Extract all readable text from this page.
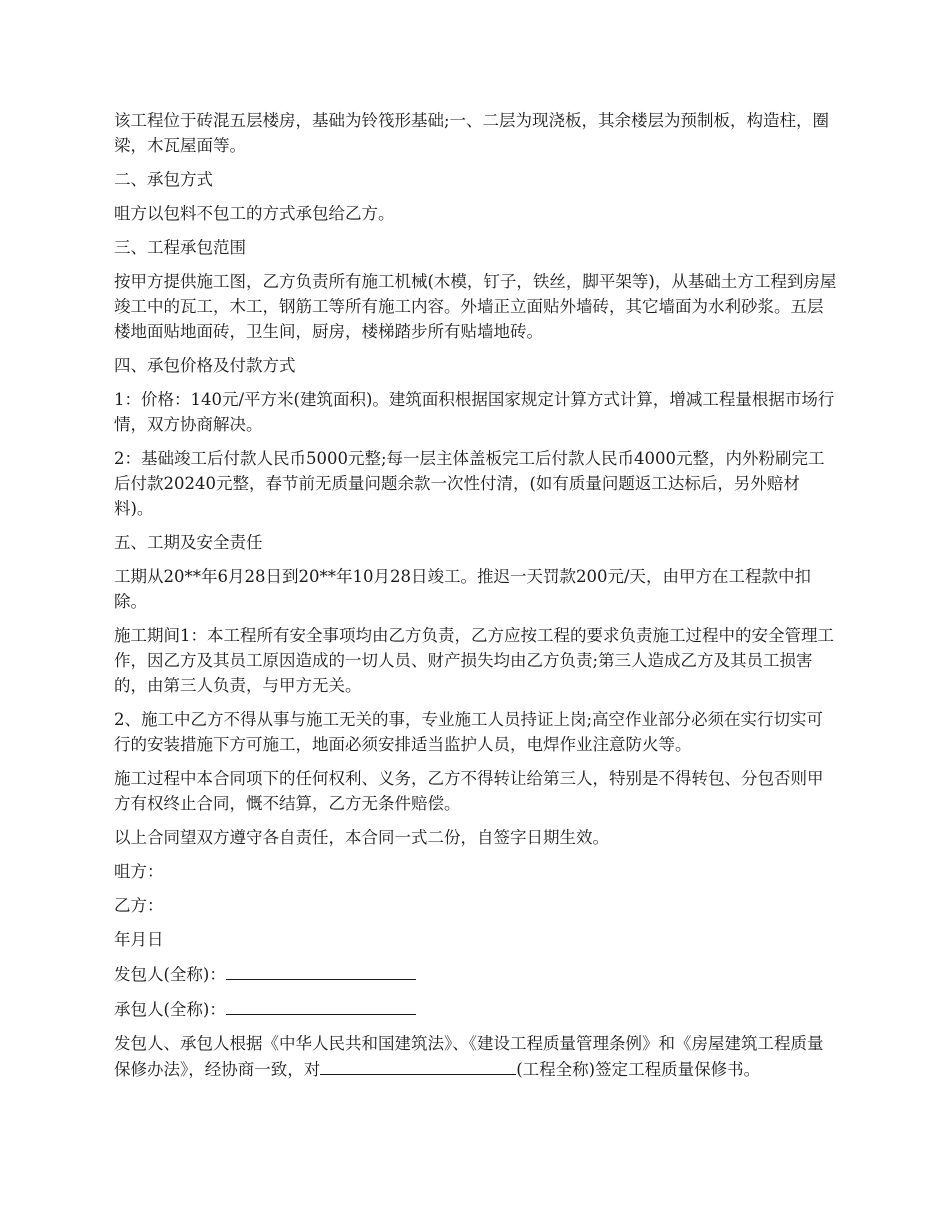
该工程位于砖混五层楼房，基础为铃筏形基础;一、二层为现浇板，其余楼层为预制板，构造柱，圈梁，木瓦屋面等。

二、承包方式

咀方以包料不包工的方式承包给乙方。

三、工程承包范围

按甲方提供施工图，乙方负责所有施工机械(木模，钉子，铁丝，脚平架等)，从基础土方工程到房屋竣工中的瓦工，木工，钢筋工等所有施工内容。外墙正立面贴外墙砖，其它墙面为水利砂浆。五层楼地面贴地面砖，卫生间，厨房，楼梯踏步所有贴墙地砖。

四、承包价格及付款方式

1：价格：140元/平方米(建筑面积)。建筑面积根据国家规定计算方式计算，增减工程量根据市场行情，双方协商解决。

2：基础竣工后付款人民币5000元整;每一层主体盖板完工后付款人民币4000元整，内外粉刷完工后付款20240元整，春节前无质量问题余款一次性付清，(如有质量问题返工达标后，另外赔材料)。

五、工期及安全责任

工期从20**年6月28日到20**年10月28日竣工。推迟一天罚款200元/天，由甲方在工程款中扣除。

施工期间1：本工程所有安全事项均由乙方负责，乙方应按工程的要求负责施工过程中的安全管理工作，因乙方及其员工原因造成的一切人员、财产损失均由乙方负责;第三人造成乙方及其员工损害的，由第三人负责，与甲方无关。

2、施工中乙方不得从事与施工无关的事，专业施工人员持证上岗;高空作业部分必须在实行切实可行的安装措施下方可施工，地面必须安排适当监护人员，电焊作业注意防火等。

施工过程中本合同项下的任何权利、义务，乙方不得转让给第三人，特别是不得转包、分包否则甲方有权终止合同，慨不结算，乙方无条件赔偿。

以上合同望双方遵守各自责任，本合同一式二份，自签字日期生效。

咀方：

乙方：

年月日

发包人(全称)：

承包人(全称)：

发包人、承包人根据《中华人民共和国建筑法》、《建设工程质量管理条例》和《房屋建筑工程质量保修办法》，经协商一致，对	(工程全称)签定工程质量保修书。
